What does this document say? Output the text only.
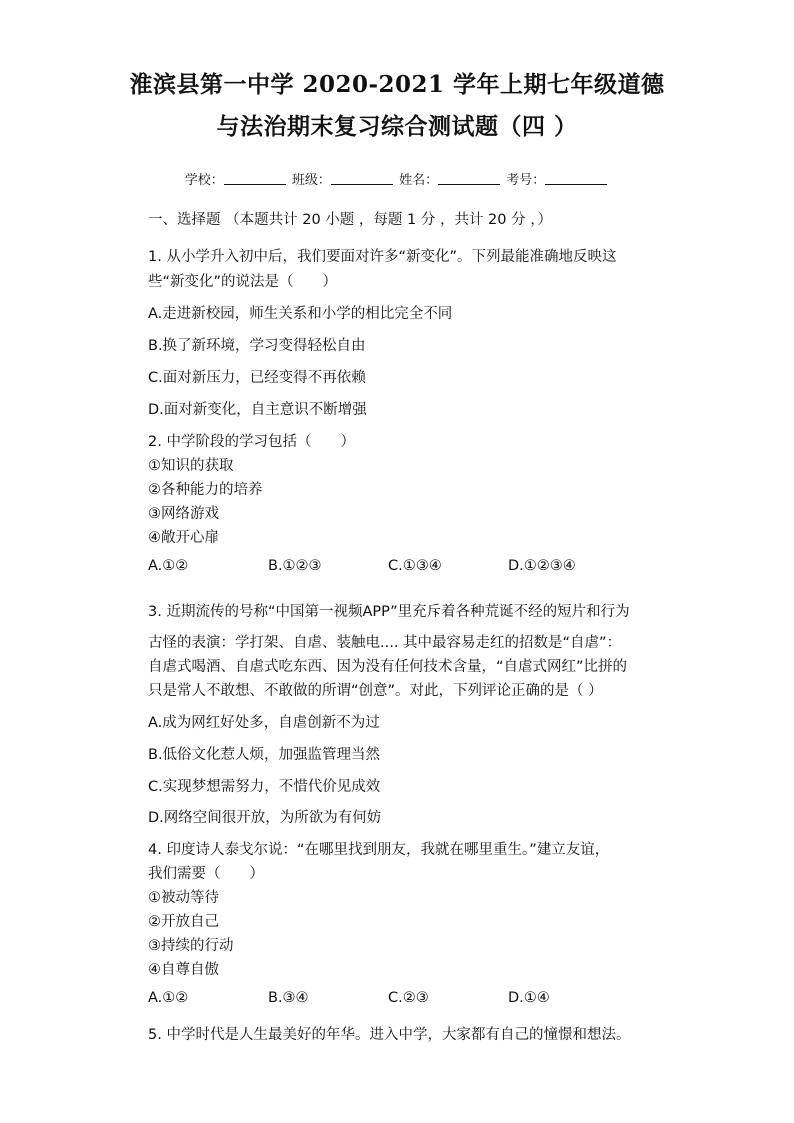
淮滨县第一中学 2020-2021 学年上期七年级道德
与法治期末复习综合测试题（四 ）
学校：	班级：	姓名：	考号：
一、选择题 （本题共计 20 小题 ，每题 1 分 ，共计 20 分 ，）
1. 从小学升入初中后，我们要面对许多“新变化”。下列最能准确地反映这
些“新变化”的说法是（　　）
A.走进新校园，师生关系和小学的相比完全不同
B.换了新环境，学习变得轻松自由
C.面对新压力，已经变得不再依赖
D.面对新变化，自主意识不断增强
2. 中学阶段的学习包括（　　）
①知识的获取
②各种能力的培养
③网络游戏
④敞开心扉
A.①②	B.①②③	C.①③④	D.①②③④
3. 近期流传的号称“中国第一视频APP”里充斥着各种荒诞不经的短片和行为
古怪的表演：学打架、自虐、装触电.... 其中最容易走红的招数是“自虐”：
自虐式喝酒、自虐式吃东西、因为没有任何技术含量，“自虐式网红”比拼的
只是常人不敢想、不敢做的所谓“创意”。对此，下列评论正确的是（ ）
A.成为网红好处多，自虐创新不为过
B.低俗文化惹人烦，加强监管理当然
C.实现梦想需努力，不惜代价见成效
D.网络空间很开放，为所欲为有何妨
4. 印度诗人泰戈尔说：“在哪里找到朋友，我就在哪里重生。”建立友谊，
我们需要（　　）
①被动等待
②开放自己
③持续的行动
④自尊自傲
A.①②	B.③④	C.②③	D.①④
5. 中学时代是人生最美好的年华。进入中学，大家都有自己的憧憬和想法。
